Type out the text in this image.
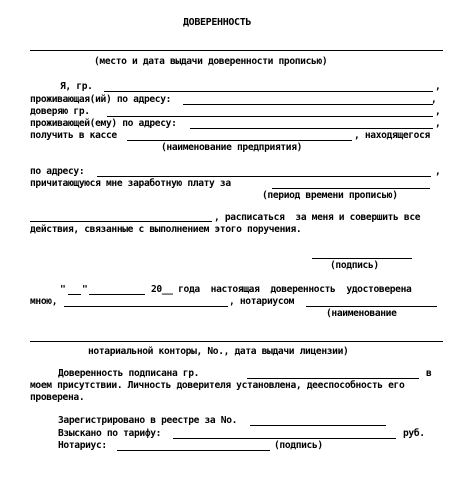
ДОВЕРЕННОСТЬ
(место и дата выдачи доверенности прописью)
Я, гр.	,
проживающая(ий) по адресу:	,
доверяю гр.	,
проживающей(ему) по адресу:	,
получить в кассе	, находящегося
(наименование предприятия)
по адресу:	,
причитающуюся мне заработную плату за
(период времени прописью)
, расписаться  за меня и совершить все
действия, связанные с выполнением этого поручения.
(подпись)
" "	20__ года  настоящая  доверенность  удостоверена
мною,	, нотариусом
(наименование
нотариальной конторы, No., дата выдачи лицензии)
Доверенность подписана гр.	в
моем присутствии. Личность доверителя установлена, дееспособность его
проверена.
Зарегистрировано в реестре за No.
Взыскано по тарифу:	руб.
Нотариус:	(подпись)
